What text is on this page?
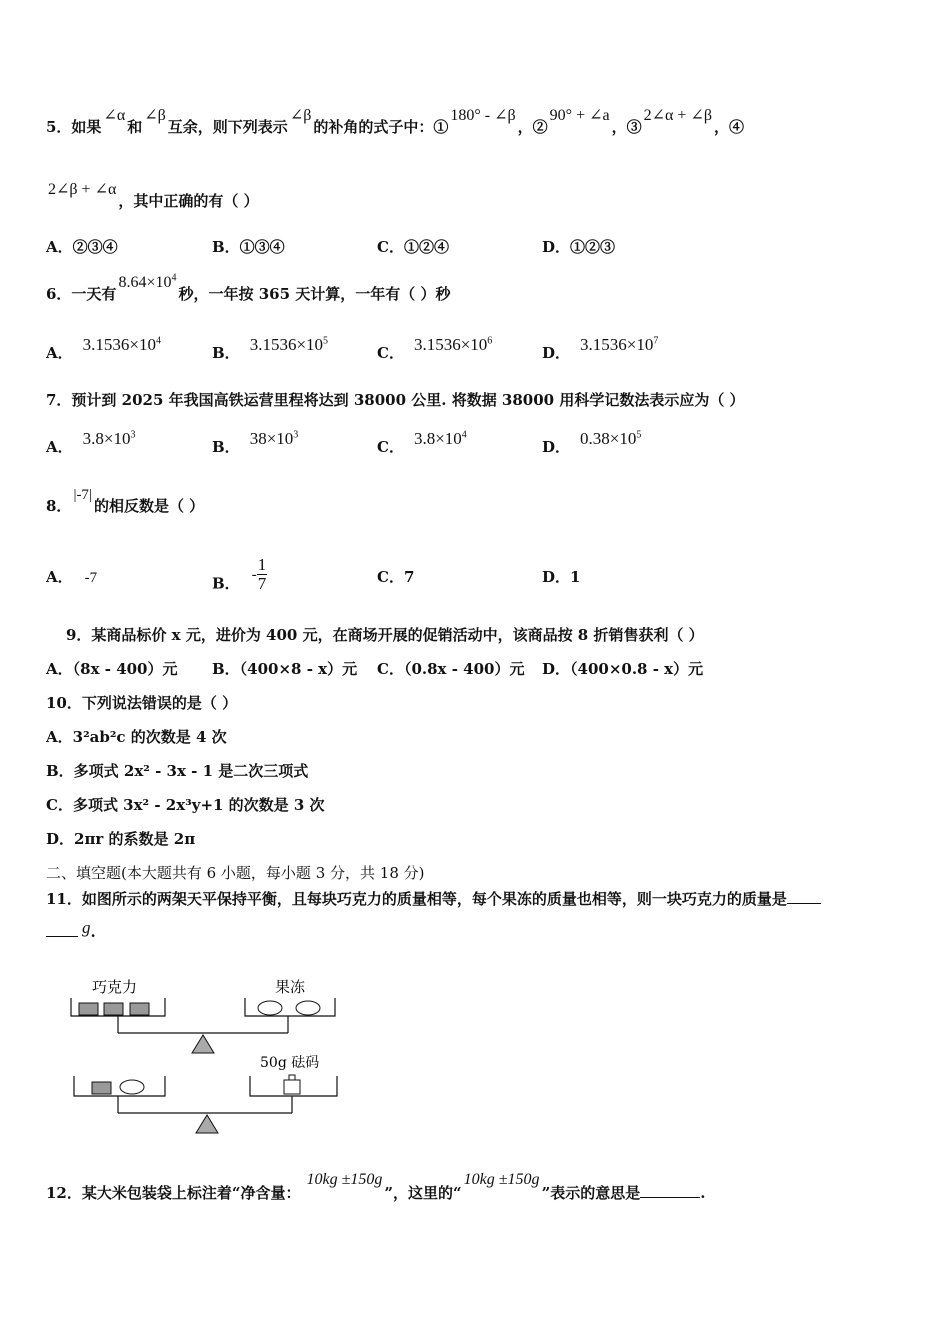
5．如果∠α和∠β互余，则下列表示∠β的补角的式子中：①180° - ∠β，②90° + ∠a，③2∠α + ∠β，④
2∠β + ∠α，其中正确的有（ ）
A．②③④	B．①③④	C．①②④	D．①②③
6．一天有$8.64\times 10^4$秒，一年按 365 天计算，一年有（ ）秒
A． $3.1536\times 10^4$
B． $3.1536\times 10^5$
C． $3.1536\times 10^6$
D． $3.1536\times 10^7$
7．预计到 2025 年我国高铁运营里程将达到 38000 公里. 将数据 38000 用科学记数法表示应为（ ）
A． $3.8\times 10^3$
B． $38\times 10^3$
C． $3.8\times 10^4$
D． $0.38\times 10^5$
8．|-7|的相反数是（ ）
A． -7	B． - $\frac{1}{7}$	C．7	D．1
9．某商品标价 x 元，进价为 400 元，在商场开展的促销活动中，该商品按 8 折销售获利（ ）
A．（8x - 400）元 B．（400×8 - x）元 C．（0.8x - 400）元 D．（400×0.8 - x）元
10．下列说法错误的是（ ）
A．3²ab²c 的次数是 4 次
B．多项式 2x² - 3x - 1 是二次三项式
C．多项式 3x² - 2x³y+1 的次数是 3 次
D．2πr 的系数是 2π
二、填空题(本大题共有 6 小题，每小题 3 分，共 18 分)
11．如图所示的两架天平保持平衡，且每块巧克力的质量相等，每个果冻的质量也相等，则一块巧克力的质量是
g.
巧克力	果冻
50g 砝码
12．某大米包装袋上标注着“净含量：10kg ±150g”，这里的“10kg ±150g”表示的意思是	.
